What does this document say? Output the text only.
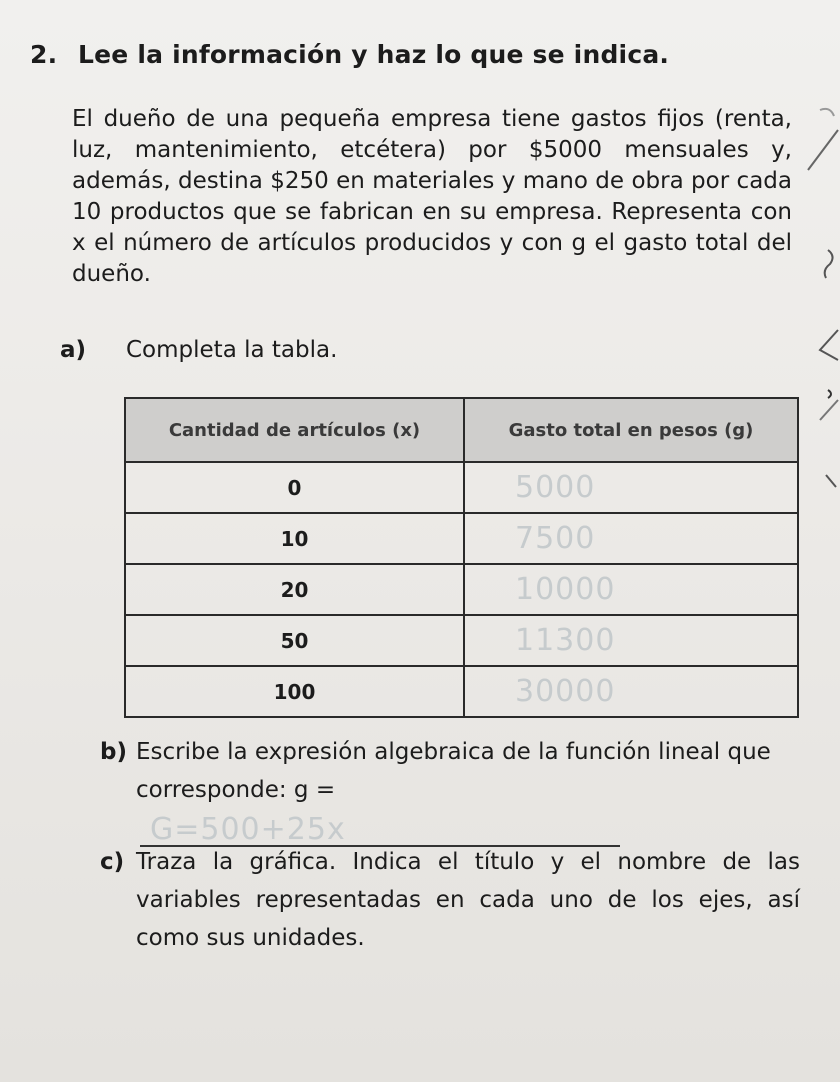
2. Lee la información y haz lo que se indica.
El dueño de una pequeña empresa tiene gastos fijos (renta, luz, mantenimiento, etcétera) por $5000 mensuales y, además, destina $250 en materiales y mano de obra por cada 10 productos que se fabrican en su empresa. Representa con x el número de artículos producidos y con g el gasto total del dueño.
a) Completa la tabla.
Cantidad de artículos (x)	Gasto total en pesos (g)
0	5000
10	7500
20	10000
50	11300
100	30000
b) Escribe la expresión algebraica de la función lineal que corresponde: g =
G=500+25x
c) Traza la gráfica. Indica el título y el nombre de las variables representadas en cada uno de los ejes, así como sus unidades.
